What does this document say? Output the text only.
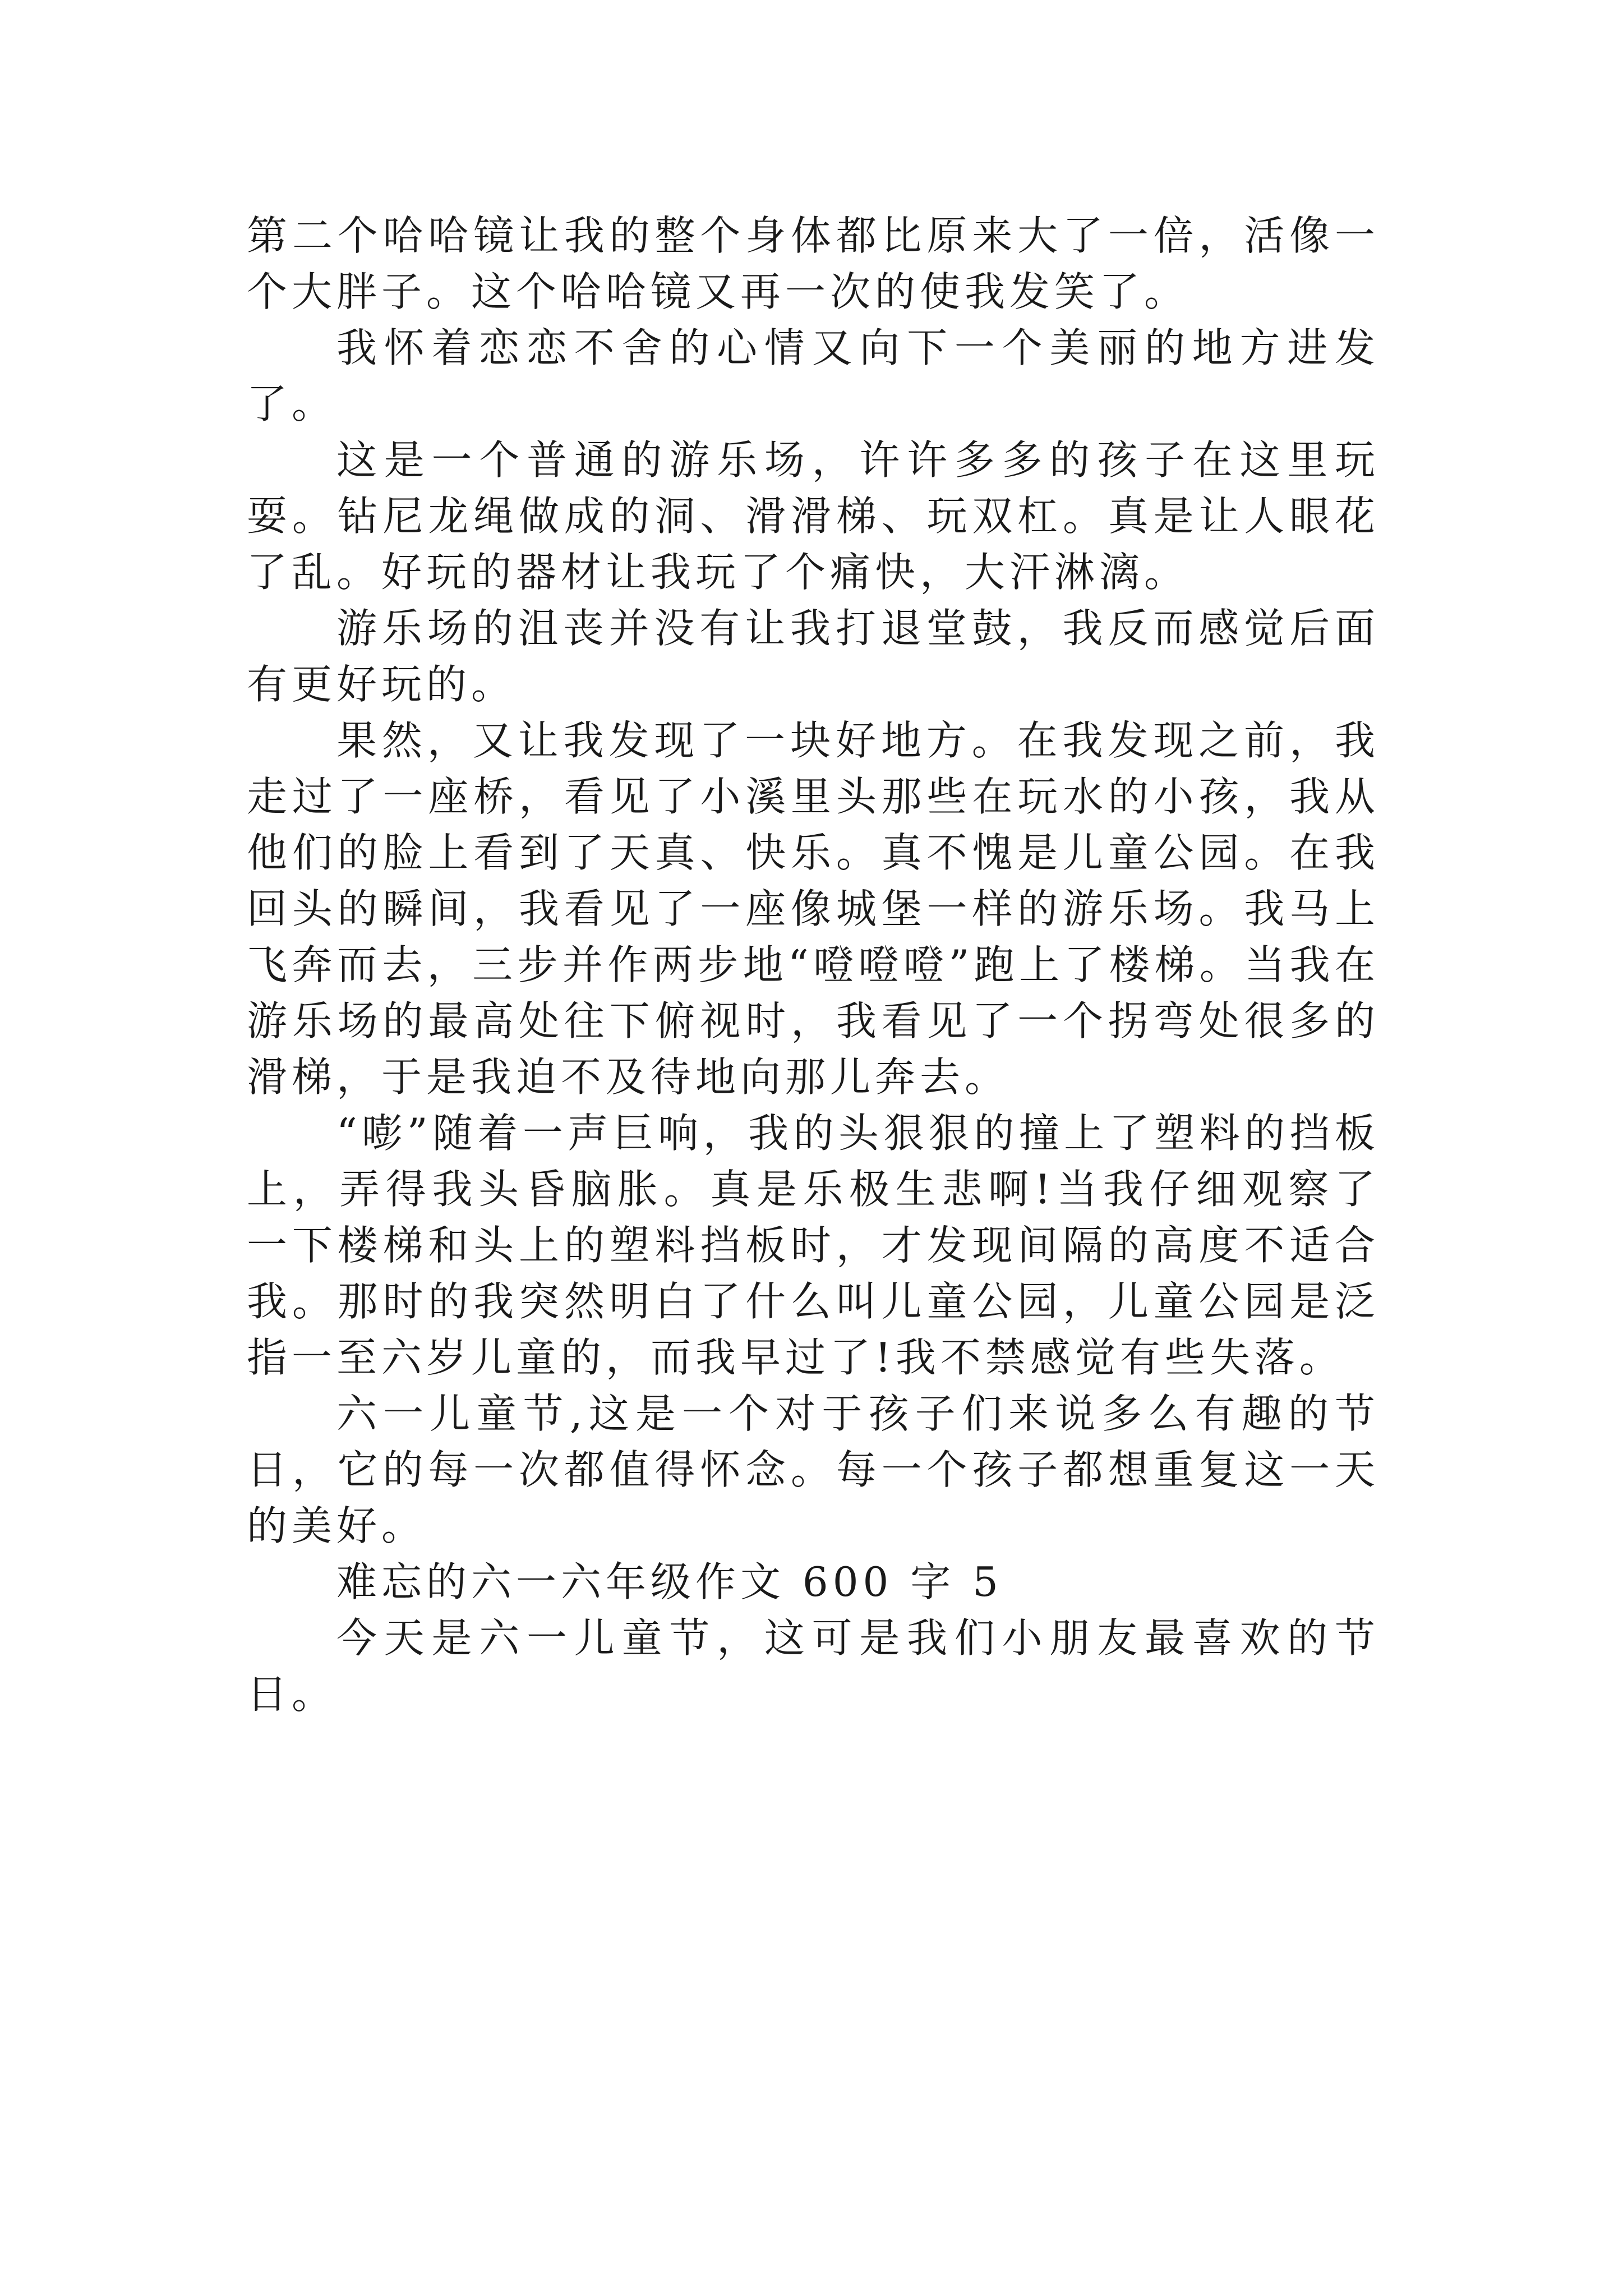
第二个哈哈镜让我的整个身体都比原来大了一倍，活像一个大胖子。这个哈哈镜又再一次的使我发笑了。

我怀着恋恋不舍的心情又向下一个美丽的地方进发了。

这是一个普通的游乐场，许许多多的孩子在这里玩耍。钻尼龙绳做成的洞、滑滑梯、玩双杠。真是让人眼花了乱。好玩的器材让我玩了个痛快，大汗淋漓。

游乐场的沮丧并没有让我打退堂鼓，我反而感觉后面有更好玩的。

果然，又让我发现了一块好地方。在我发现之前，我走过了一座桥，看见了小溪里头那些在玩水的小孩，我从他们的脸上看到了天真、快乐。真不愧是儿童公园。在我回头的瞬间，我看见了一座像城堡一样的游乐场。我马上飞奔而去，三步并作两步地“噔噔噔”跑上了楼梯。当我在游乐场的最高处往下俯视时，我看见了一个拐弯处很多的滑梯，于是我迫不及待地向那儿奔去。

“嘭”随着一声巨响，我的头狠狠的撞上了塑料的挡板上，弄得我头昏脑胀。真是乐极生悲啊!当我仔细观察了一下楼梯和头上的塑料挡板时，才发现间隔的高度不适合我。那时的我突然明白了什么叫儿童公园，儿童公园是泛指一至六岁儿童的，而我早过了!我不禁感觉有些失落。

六一儿童节,这是一个对于孩子们来说多么有趣的节日，它的每一次都值得怀念。每一个孩子都想重复这一天的美好。

难忘的六一六年级作文 600 字 5

今天是六一儿童节，这可是我们小朋友最喜欢的节日。
